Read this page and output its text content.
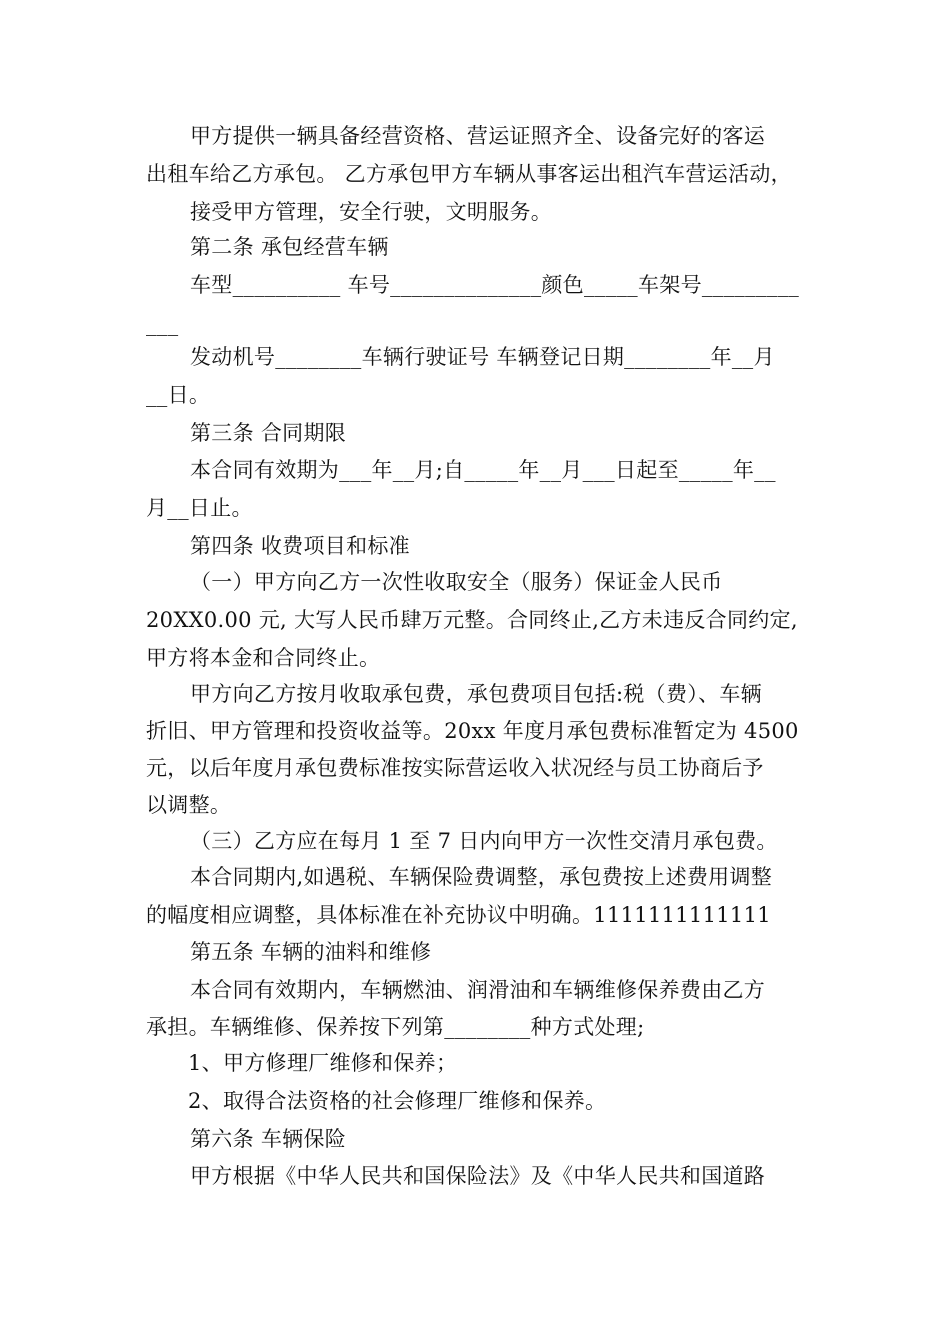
甲方提供一辆具备经营资格、营运证照齐全、设备完好的客运
出租车给乙方承包。 乙方承包甲方车辆从事客运出租汽车营运活动，
接受甲方管理，安全行驶，文明服务。
第二条 承包经营车辆
车型__________ 车号______________颜色_____车架号_________
___
发动机号________车辆行驶证号 车辆登记日期________年__月
__日。
第三条 合同期限
本合同有效期为___年__月;自_____年__月___日起至_____年__
月__日止。
第四条 收费项目和标准
（一）甲方向乙方一次性收取安全（服务）保证金人民币
20XX0.00 元, 大写人民币肆万元整。合同终止,乙方未违反合同约定,
甲方将本金和合同终止。
甲方向乙方按月收取承包费，承包费项目包括:税（费）、车辆
折旧、甲方管理和投资收益等。20xx 年度月承包费标准暂定为 4500
元，以后年度月承包费标准按实际营运收入状况经与员工协商后予
以调整。
（三）乙方应在每月 1 至 7 日内向甲方一次性交清月承包费。
本合同期内,如遇税、车辆保险费调整，承包费按上述费用调整
的幅度相应调整，具体标准在补充协议中明确。1111111111111
第五条 车辆的油料和维修
本合同有效期内，车辆燃油、润滑油和车辆维修保养费由乙方
承担。车辆维修、保养按下列第________种方式处理;
1、甲方修理厂维修和保养；
2、取得合法资格的社会修理厂维修和保养。
第六条 车辆保险
甲方根据《中华人民共和国保险法》及《中华人民共和国道路
